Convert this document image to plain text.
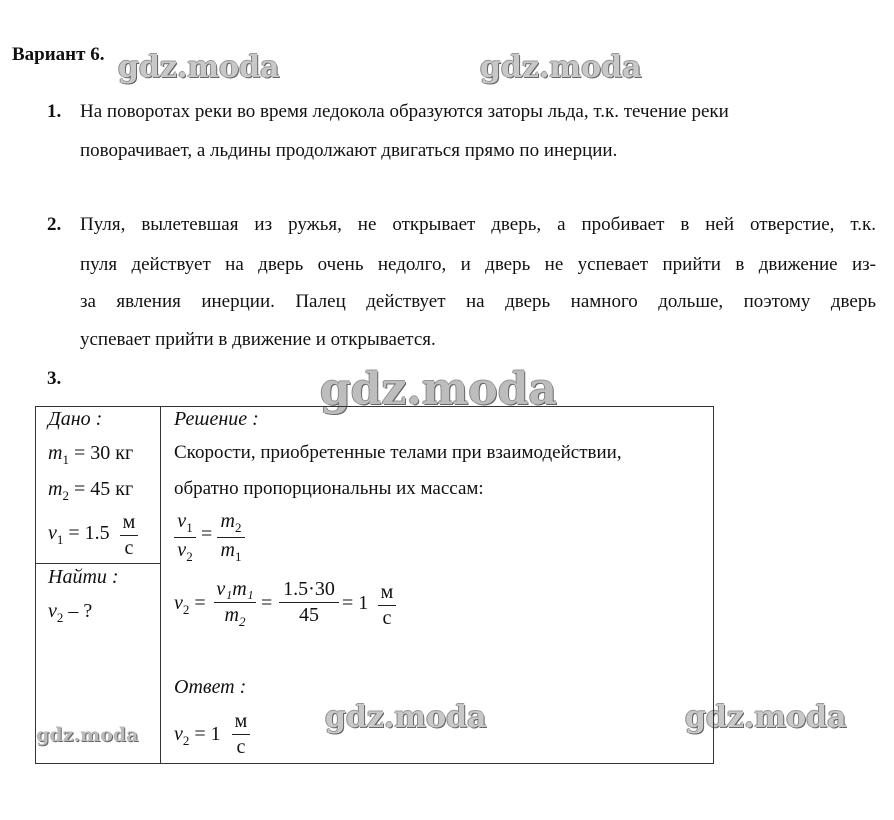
Вариант 6. gdz.moda	gdz.moda
gdz.moda
gdz.moda	gdz.moda
gdz.moda
1. На поворотах реки во время ледокола образуются заторы льда, т.к. течение реки
поворачивает, а льдины продолжают двигаться прямо по инерции.
2. Пуля, вылетевшая из ружья, не открывает дверь, а пробивает в ней отверстие, т.к.
пуля действует на дверь очень недолго, и дверь не успевает прийти в движение из-
за явления инерции. Палец действует на дверь намного дольше, поэтому дверь
успевает прийти в движение и открывается.
3.
Дано :
$m_1 = 30$ кг
$m_2 = 45$ кг
$v_1 = 1.5$ м
с
Найти :
$v_2$ – ?
Решение :
Скорости, приобретенные телами при взаимодействии,
обратно пропорциональны их массам:
$v_1$
$v_2$
=
$m_2$
$m_1$
$v_2$ =
v₁m₁
$m_2$
=
1.5·30
45
= 1 м
с
Ответ :
$v_2 = 1$
м
с
